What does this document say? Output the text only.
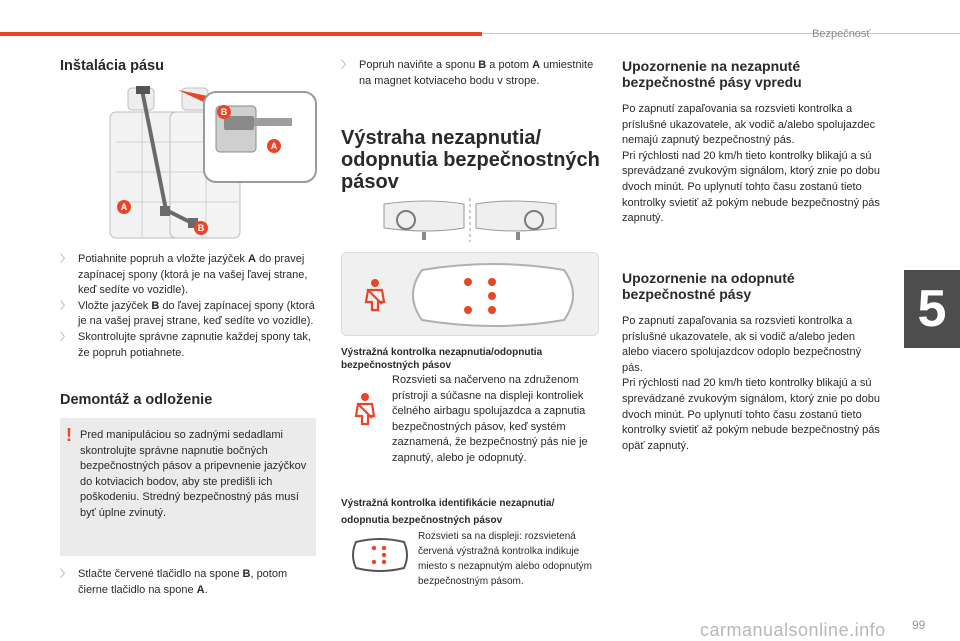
Bezpečnosť
5
99
carmanualsonline.info
Inštalácia pásu
B
A
A
B
〉 Potiahnite popruh a vložte jazýček A do pravej zapínacej spony (ktorá je na vašej ľavej strane, keď sedíte vo vozidle).
〉 Vložte jazýček B do ľavej zapínacej spony (ktorá je na vašej pravej strane, keď sedíte vo vozidle).
〉 Skontrolujte správne zapnutie každej spony tak, že popruh potiahnete.
Demontáž a odloženie
! Pred manipuláciou so zadnými sedadlami skontrolujte správne napnutie bočných bezpečnostných pásov a pripevnenie jazýčkov do kotviacich bodov, aby ste predišli ich poškodeniu. Stredný bezpečnostný pás musí byť úplne zvinutý.

〉 Stlačte červené tlačidlo na spone B, potom čierne tlačidlo na spone A.
〉 Popruh naviňte a sponu B a potom A umiestnite na magnet kotviaceho bodu v strope.
Výstraha nezapnutia/ odopnutia bezpečnostných pásov
Výstražná kontrolka nezapnutia/odopnutia bezpečnostných pásov

Rozsvieti sa načerveno na združenom prístroji a súčasne na displeji kontroliek čelného airbagu spolujazdca a zapnutia bezpečnostných pásov, keď systém zaznamená, že bezpečnostný pás nie je zapnutý, alebo je odopnutý.

Výstražná kontrolka identifikácie nezapnutia/ odopnutia bezpečnostných pásov

Rozsvieti sa na displeji: rozsvietená červená výstražná kontrolka indikuje miesto s nezapnutým alebo odopnutým bezpečnostným pásom.

Upozornenie na nezapnuté bezpečnostné pásy vpredu

Po zapnutí zapaľovania sa rozsvieti kontrolka a príslušné ukazovatele, ak vodič a/alebo spolujazdec nemajú zapnutý bezpečnostný pás.
Pri rýchlosti nad 20 km/h tieto kontrolky blikajú a sú sprevádzané zvukovým signálom, ktorý znie po dobu dvoch minút. Po uplynutí tohto času zostanú tieto kontrolky svietiť až pokým nebude bezpečnostný pás zapnutý.

Upozornenie na odopnuté bezpečnostné pásy

Po zapnutí zapaľovania sa rozsvieti kontrolka a príslušné ukazovatele, ak si vodič a/alebo jeden alebo viacero spolujazdcov odoplo bezpečnostný pás.
Pri rýchlosti nad 20 km/h tieto kontrolky blikajú a sú sprevádzané zvukovým signálom, ktorý znie po dobu dvoch minút. Po uplynutí tohto času zostanú tieto kontrolky svietiť až pokým nebude bezpečnostný pás opäť zapnutý.
